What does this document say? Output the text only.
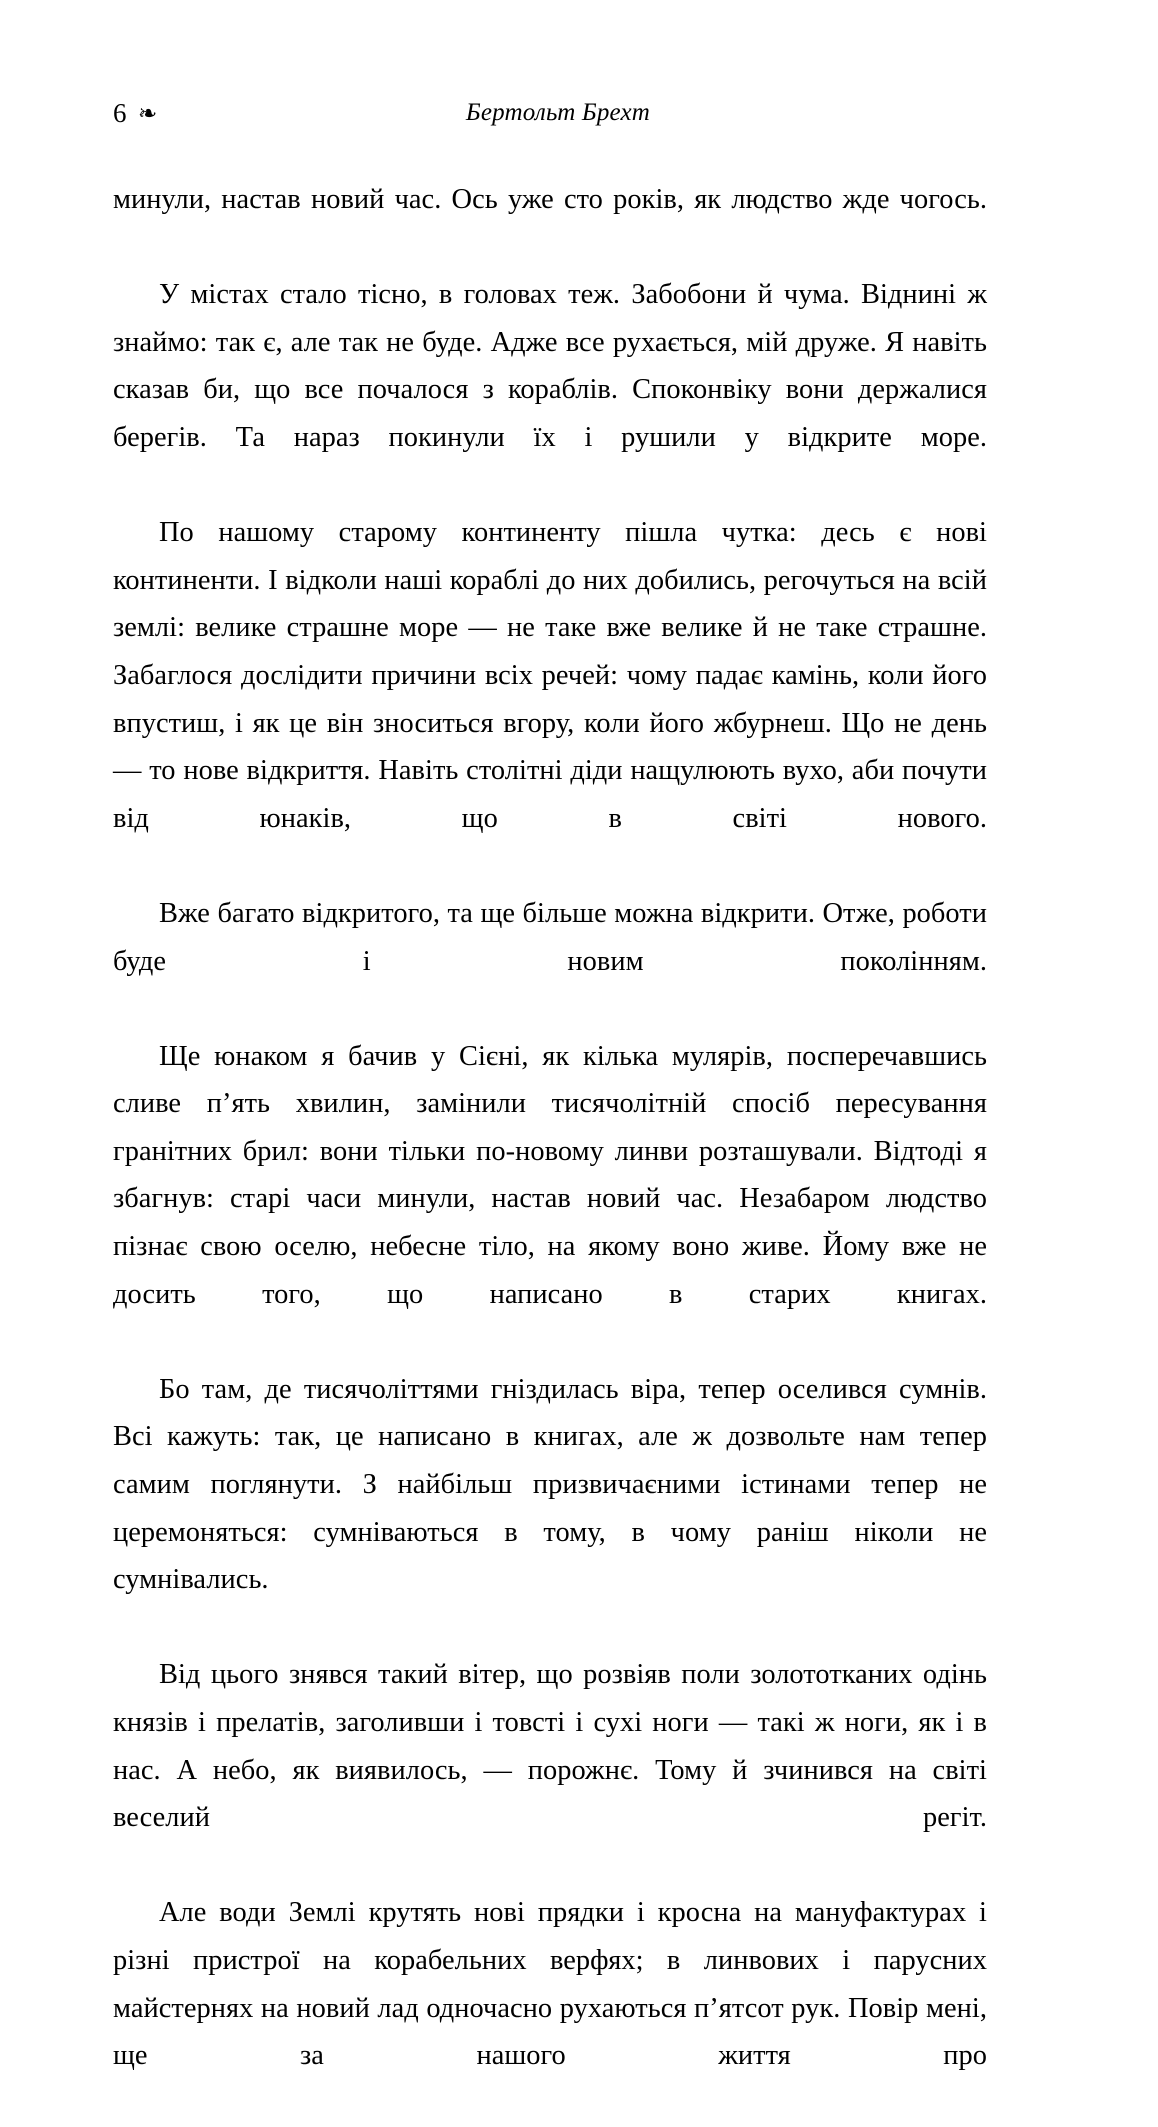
6 ❧	Бертольт Брехт

минули, настав новий час. Ось уже сто років, як людство жде чогось.

У містах стало тісно, в головах теж. Забобони й чума. Віднині ж знаймо: так є, але так не буде. Адже все рухається, мій друже. Я навіть сказав би, що все почалося з кораблів. Споконвіку вони держалися берегів. Та нараз покинули їх і рушили у відкрите море.

По нашому старому континенту пішла чутка: десь є нові континенти. І відколи наші кораблі до них добились, регочуться на всій землі: велике страшне море — не таке вже велике й не таке страшне. Забаглося дослідити причини всіх речей: чому падає камінь, коли його впустиш, і як це він зноситься вгору, коли його жбурнеш. Що не день — то нове відкриття. Навіть столітні діди нащулюють вухо, аби почути від юнаків, що в світі нового.

Вже багато відкритого, та ще більше можна відкрити. Отже, роботи буде і новим поколінням.

Ще юнаком я бачив у Сієні, як кілька мулярів, посперечавшись сливе п’ять хвилин, замінили тисячолітній спосіб пересування гранітних брил: вони тільки по-новому линви розташували. Відтоді я збагнув: старі часи минули, настав новий час. Незабаром людство пізнає свою оселю, небесне тіло, на якому воно живе. Йому вже не досить того, що написано в старих книгах.

Бо там, де тисячоліттями гніздилась віра, тепер оселився сумнів. Всі кажуть: так, це написано в книгах, але ж дозвольте нам тепер самим поглянути. З найбільш призвичаєними істинами тепер не церемоняться: сумніваються в тому, в чому раніш ніколи не сумнівались.

Від цього знявся такий вітер, що розвіяв поли золототканих одінь князів і прелатів, заголивши і товсті і сухі ноги — такі ж ноги, як і в нас. А небо, як виявилось, — порожнє. Тому й зчинився на світі веселий регіт.

Але води Землі крутять нові прядки і кросна на мануфактурах і різні пристрої на корабельних верфях; в линвових і парусних майстернях на новий лад одночасно рухаються п’ятсот рук. Повір мені, ще за нашого життя про
